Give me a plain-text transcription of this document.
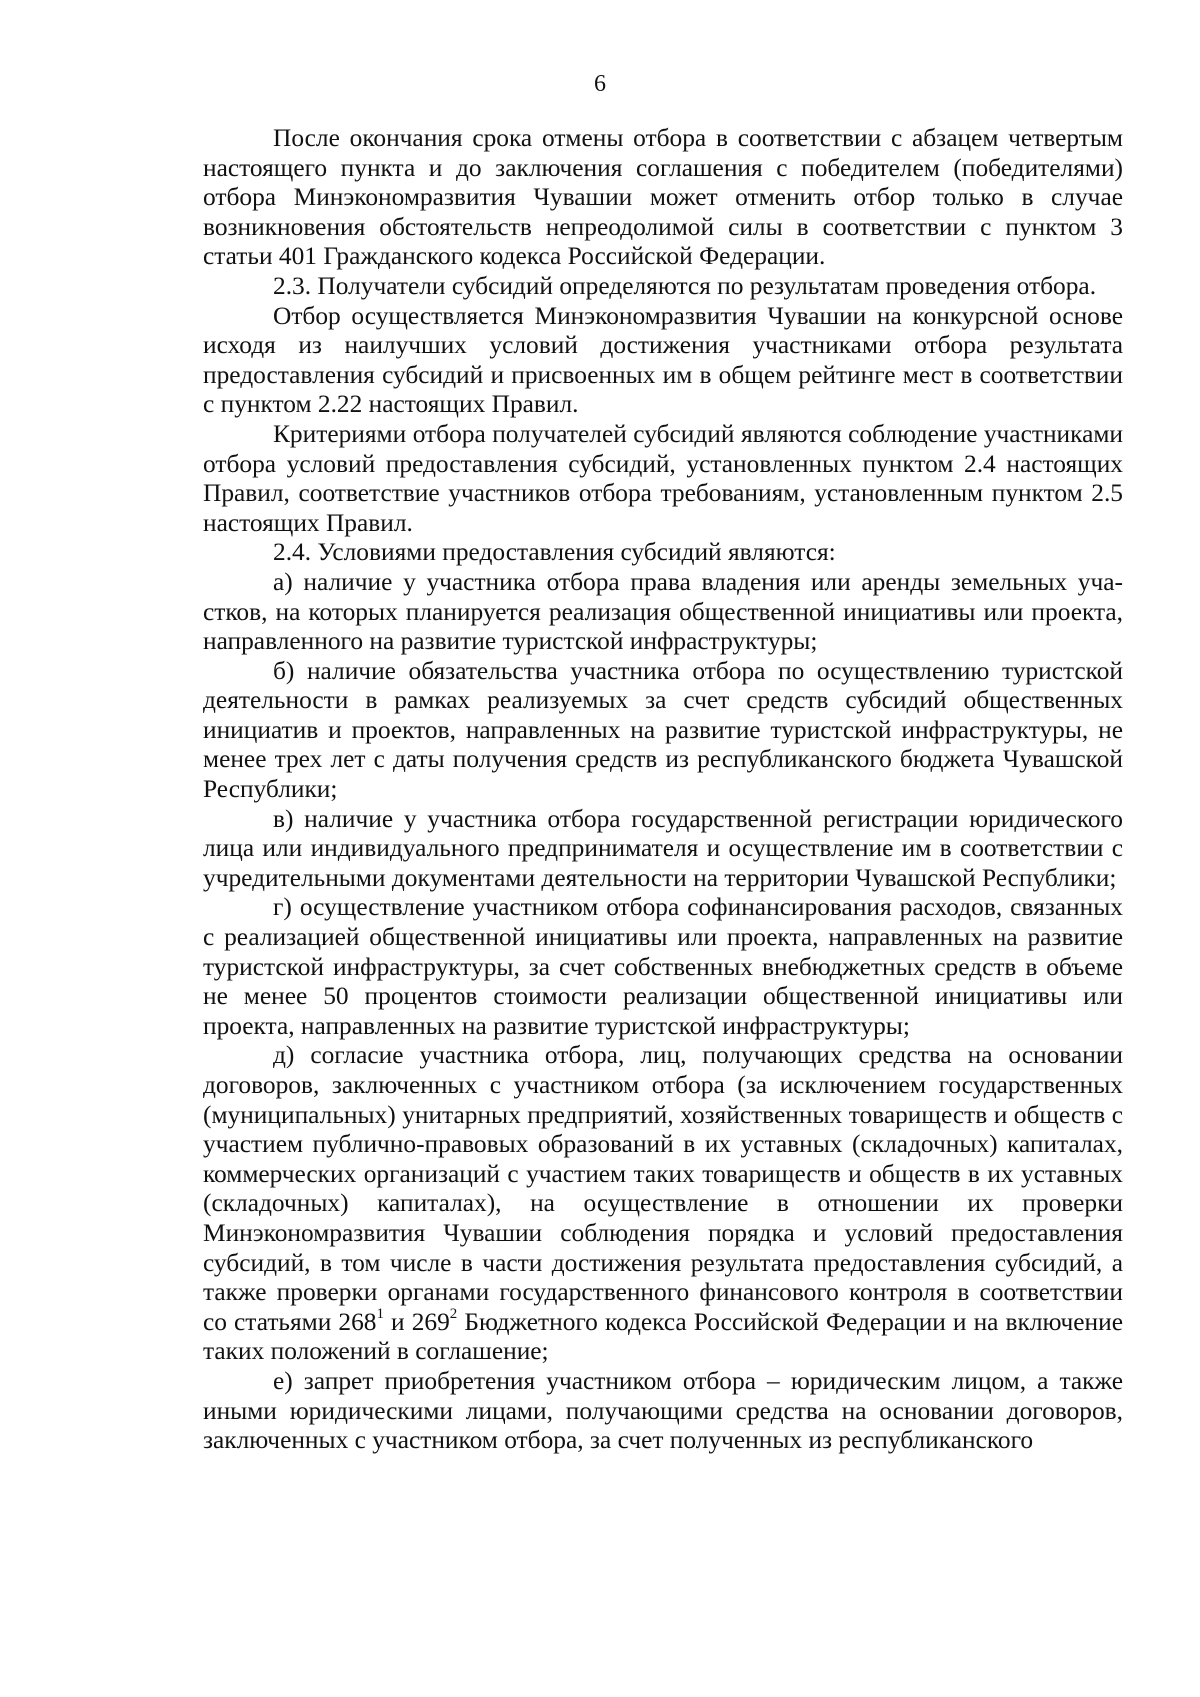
6

После окончания срока отмены отбора в соответствии с абзацем четвертым настоящего пункта и до заключения соглашения с победителем (победителями) отбора Минэкономразвития Чувашии может отменить отбор только в случае возникновения обстоятельств непреодолимой силы в соответствии с пунктом 3 статьи 401 Гражданского кодекса Российской Федерации.

2.3. Получатели субсидий определяются по результатам проведения отбора.

Отбор осуществляется Минэкономразвития Чувашии на конкурсной основе исходя из наилучших условий достижения участниками отбора результата предоставления субсидий и присвоенных им в общем рейтинге мест в соответствии с пунктом 2.22 настоящих Правил.

Критериями отбора получателей субсидий являются соблюдение участниками отбора условий предоставления субсидий, установленных пунктом 2.4 настоящих Правил, соответствие участников отбора требованиям, установленным пунктом 2.5 настоящих Правил.

2.4. Условиями предоставления субсидий являются:

а) наличие у участника отбора права владения или аренды земельных участков, на которых планируется реализация общественной инициативы или проекта, направленного на развитие туристской инфраструктуры;

б) наличие обязательства участника отбора по осуществлению туристской деятельности в рамках реализуемых за счет средств субсидий общественных инициатив и проектов, направленных на развитие туристской инфраструктуры, не менее трех лет с даты получения средств из республиканского бюджета Чувашской Республики;

в) наличие у участника отбора государственной регистрации юридического лица или индивидуального предпринимателя и осуществление им в соответствии с учредительными документами деятельности на территории Чувашской Республики;

г) осуществление участником отбора софинансирования расходов, связанных с реализацией общественной инициативы или проекта, направленных на развитие туристской инфраструктуры, за счет собственных внебюджетных средств в объеме не менее 50 процентов стоимости реализации общественной инициативы или проекта, направленных на развитие туристской инфраструктуры;

д) согласие участника отбора, лиц, получающих средства на основании договоров, заключенных с участником отбора (за исключением государственных (муниципальных) унитарных предприятий, хозяйственных товариществ и обществ с участием публично-правовых образований в их уставных (складочных) капиталах, коммерческих организаций с участием таких товариществ и обществ в их уставных (складочных) капиталах), на осуществление в отношении их проверки Минэкономразвития Чувашии соблюдения порядка и условий предоставления субсидий, в том числе в части достижения результата предоставления субсидий, а также проверки органами государственного финансового контроля в соответствии со статьями $268^1$ и $269^2$ Бюджетного кодекса Российской Федерации и на включение таких положений в соглашение;

е) запрет приобретения участником отбора – юридическим лицом, а также иными юридическими лицами, получающими средства на основании договоров, заключенных с участником отбора, за счет полученных из республиканского
